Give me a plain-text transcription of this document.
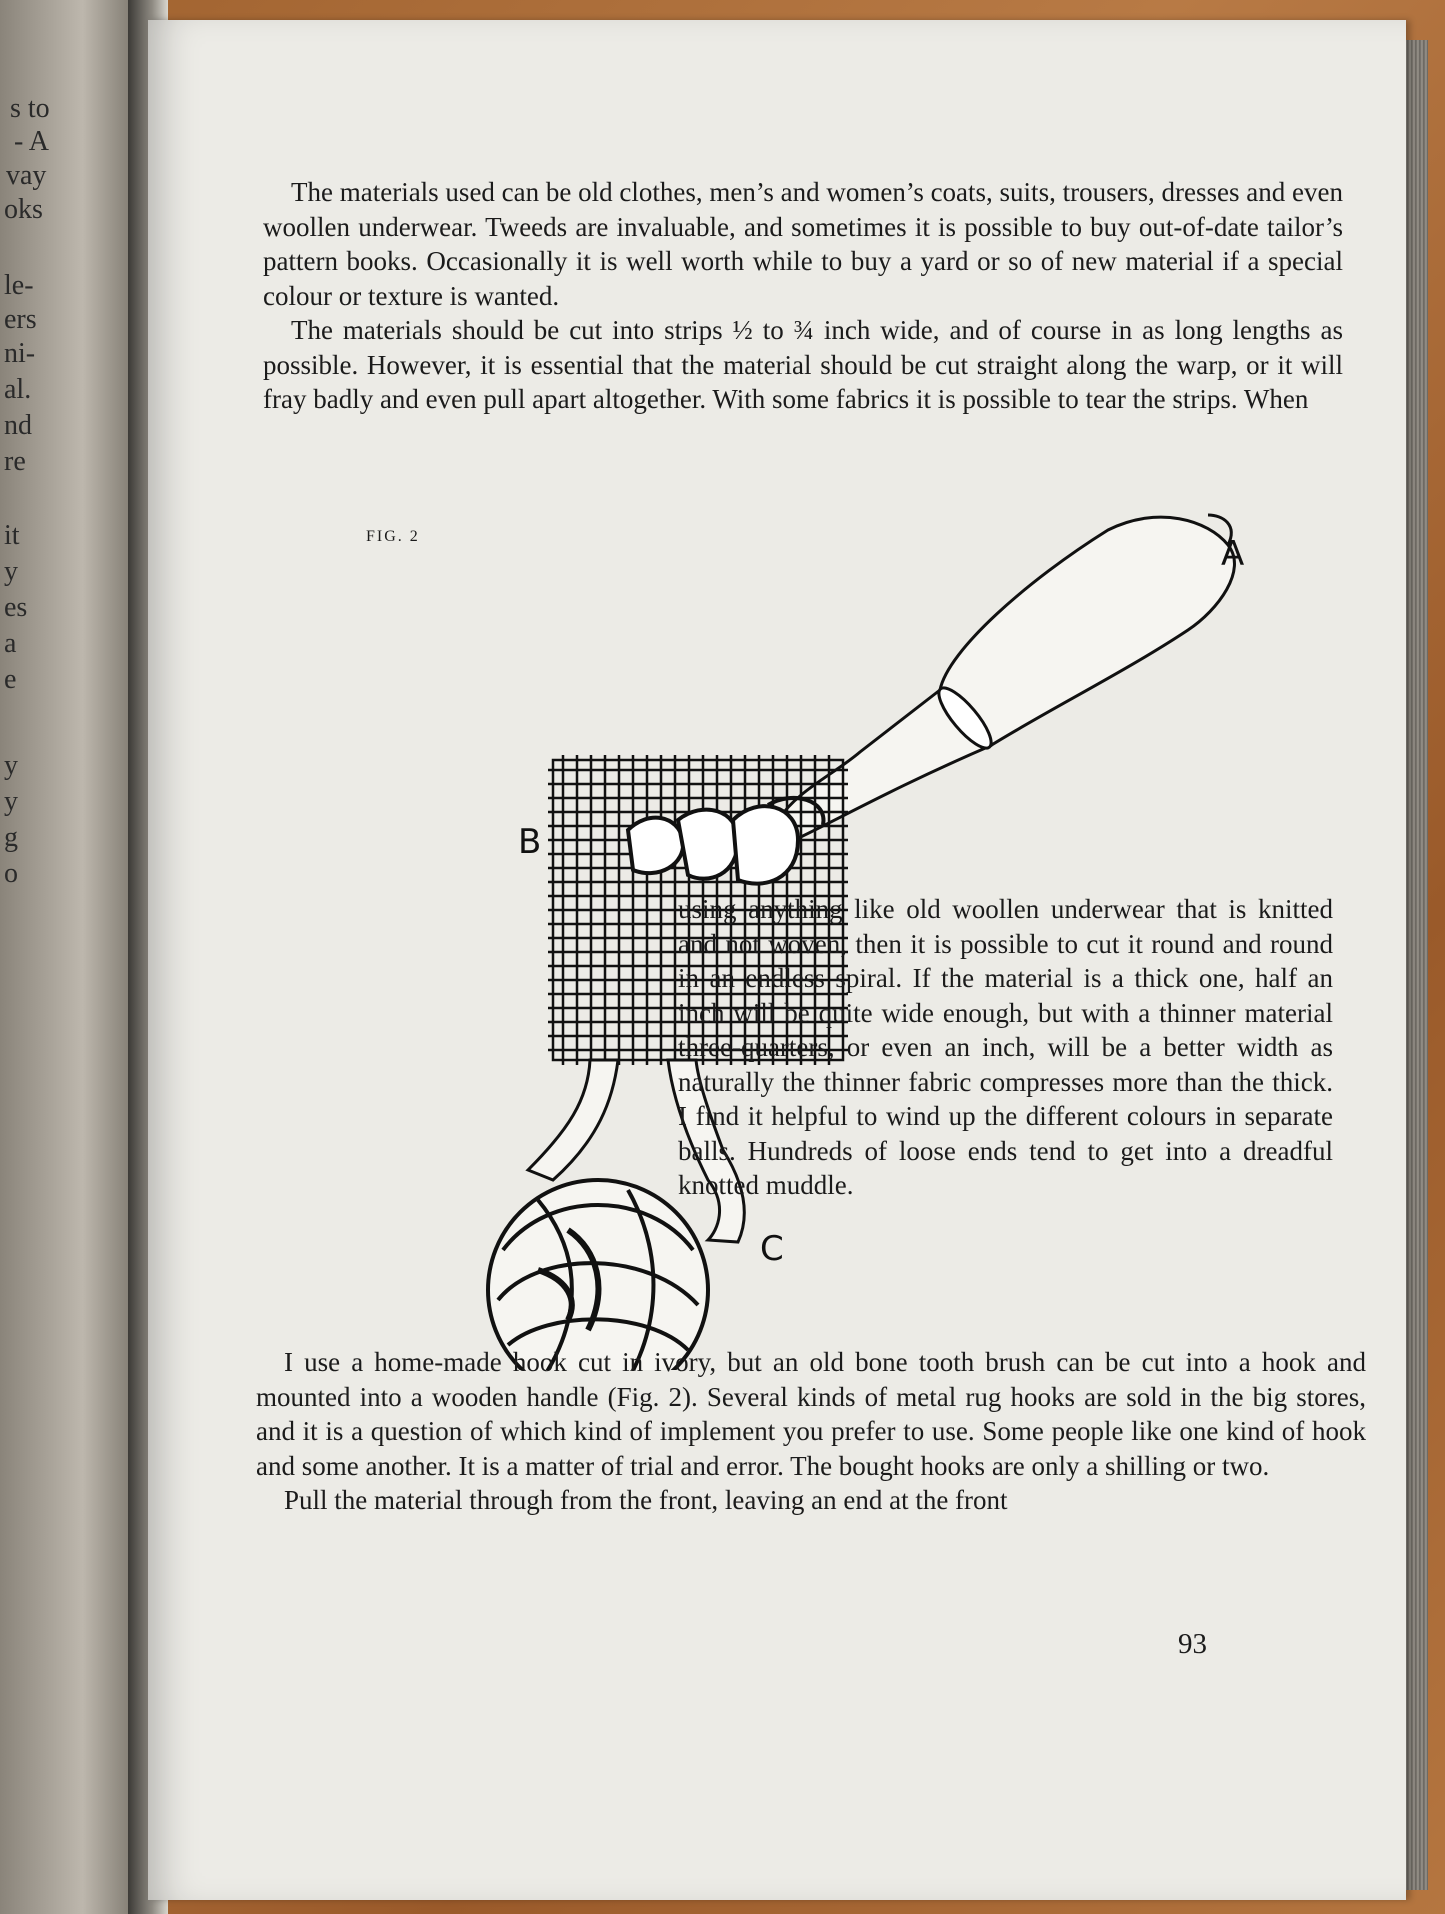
s to
- A
vay
oks
le-
ers
ni-
al.
nd
re
it
y
es
a
e
y
y
g
o

The materials used can be old clothes, men’s and women’s coats, suits, trousers, dresses and even woollen underwear. Tweeds are invaluable, and sometimes it is possible to buy out-of-date tailor’s pattern books. Occasionally it is well worth while to buy a yard or so of new material if a special colour or texture is wanted.

The materials should be cut into strips ½ to ¾ inch wide, and of course in as long lengths as possible. However, it is essential that the material should be cut straight along the warp, or it will fray badly and even pull apart altogether. With some fabrics it is possible to tear the strips. When

FIG. 2	A
B
C

using anything like old woollen underwear that is knitted and not woven, then it is possible to cut it round and round in an endless spiral. If the material is a thick one, half an inch will be quite wide enough, but with a thinner material three-quarters, or even an inch, will be a better width as naturally the thinner fabric compresses more than the thick. I find it helpful to wind up the different colours in separate balls. Hundreds of loose ends tend to get into a dreadful knotted muddle.

I use a home-made hook cut in ivory, but an old bone tooth brush can be cut into a hook and mounted into a wooden handle (Fig. 2). Several kinds of metal rug hooks are sold in the big stores, and it is a question of which kind of implement you prefer to use. Some people like one kind of hook and some another. It is a matter of trial and error. The bought hooks are only a shilling or two.

Pull the material through from the front, leaving an end at the front

93
